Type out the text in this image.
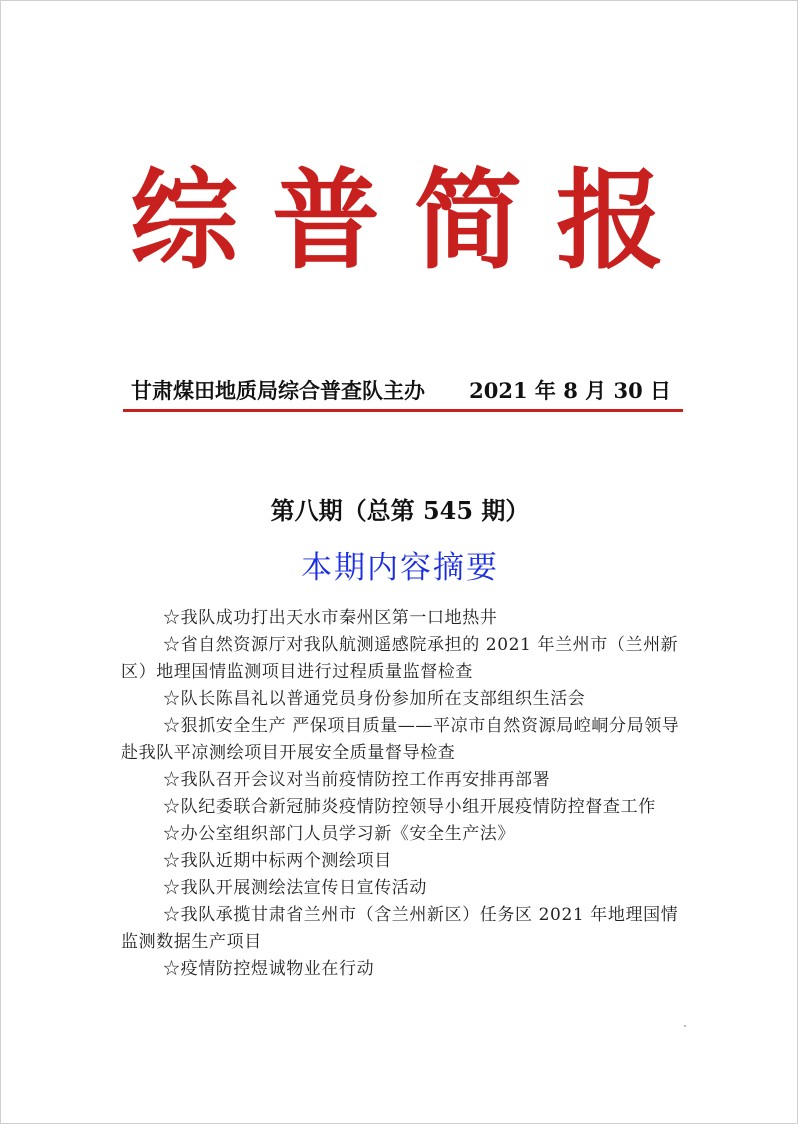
综普简报
甘肃煤田地质局综合普查队主办 2021 年 8 月 30 日
第八期（总第 545 期）
本期内容摘要
☆我队成功打出天水市秦州区第一口地热井
☆省自然资源厅对我队航测遥感院承担的 2021 年兰州市（兰州新区）地理国情监测项目进行过程质量监督检查
☆队长陈昌礼以普通党员身份参加所在支部组织生活会
☆狠抓安全生产 严保项目质量——平凉市自然资源局崆峒分局领导赴我队平凉测绘项目开展安全质量督导检查
☆我队召开会议对当前疫情防控工作再安排再部署
☆队纪委联合新冠肺炎疫情防控领导小组开展疫情防控督查工作
☆办公室组织部门人员学习新《安全生产法》
☆我队近期中标两个测绘项目
☆我队开展测绘法宣传日宣传活动
☆我队承揽甘肃省兰州市（含兰州新区）任务区 2021 年地理国情监测数据生产项目
☆疫情防控煜诚物业在行动
